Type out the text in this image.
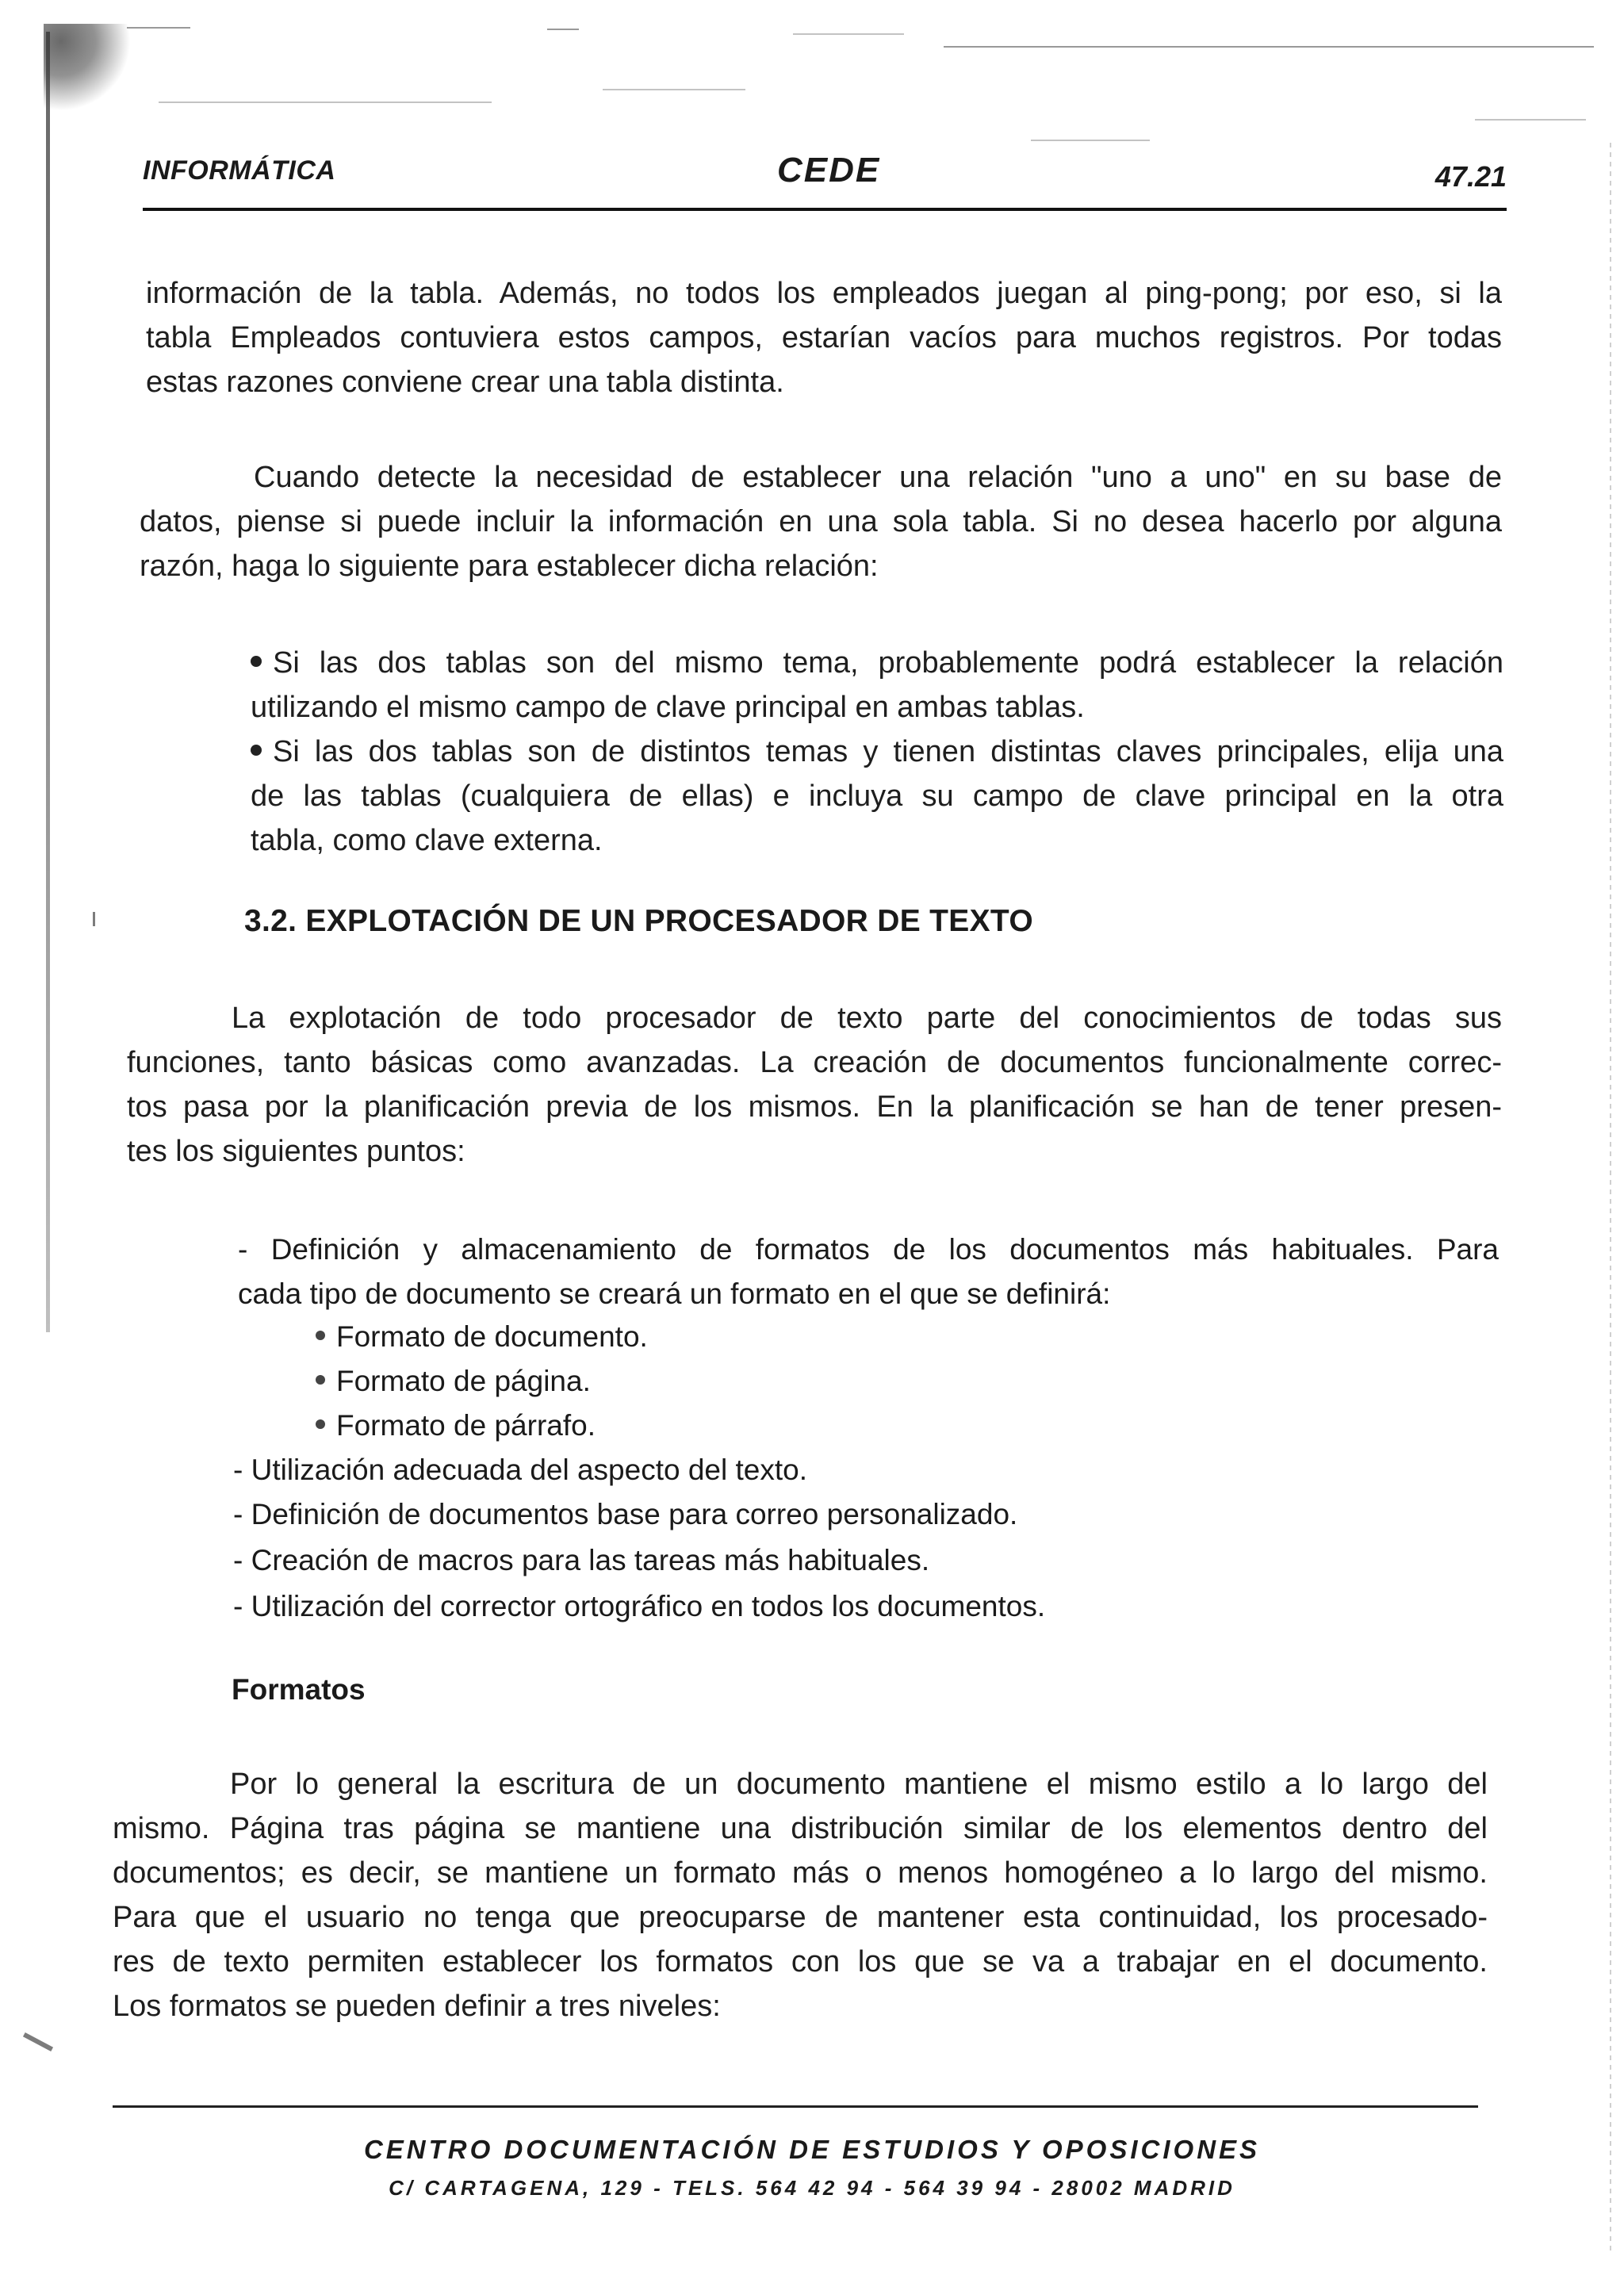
INFORMÁTICA	CEDE	47.21
información de la tabla. Además, no todos los empleados juegan al ping-pong; por eso, si la
tabla Empleados contuviera estos campos, estarían vacíos para muchos registros. Por todas
estas razones conviene crear una tabla distinta.
Cuando detecte la necesidad de establecer una relación "uno a uno" en su base de
datos, piense si puede incluir la información en una sola tabla. Si no desea hacerlo por alguna
razón, haga lo siguiente para establecer dicha relación:
Si las dos tablas son del mismo tema, probablemente podrá establecer la relación
utilizando el mismo campo de clave principal en ambas tablas.
Si las dos tablas son de distintos temas y tienen distintas claves principales, elija una
de las tablas (cualquiera de ellas) e incluya su campo de clave principal en la otra
tabla, como clave externa.
3.2. EXPLOTACIÓN DE UN PROCESADOR DE TEXTO
La explotación de todo procesador de texto parte del conocimientos de todas sus
funciones, tanto básicas como avanzadas. La creación de documentos funcionalmente correc-
tos pasa por la planificación previa de los mismos. En la planificación se han de tener presen-
tes los siguientes puntos:
- Definición y almacenamiento de formatos de los documentos más habituales. Para
cada tipo de documento se creará un formato en el que se definirá:
Formato de documento.
Formato de página.
Formato de párrafo.
- Utilización adecuada del aspecto del texto.
- Definición de documentos base para correo personalizado.
- Creación de macros para las tareas más habituales.
- Utilización del corrector ortográfico en todos los documentos.
Formatos
Por lo general la escritura de un documento mantiene el mismo estilo a lo largo del
mismo. Página tras página se mantiene una distribución similar de los elementos dentro del
documentos; es decir, se mantiene un formato más o menos homogéneo a lo largo del mismo.
Para que el usuario no tenga que preocuparse de mantener esta continuidad, los procesado-
res de texto permiten establecer los formatos con los que se va a trabajar en el documento.
Los formatos se pueden definir a tres niveles:
CENTRO DOCUMENTACIÓN DE ESTUDIOS Y OPOSICIONES
C/ CARTAGENA, 129 - TELS. 564 42 94 - 564 39 94 - 28002 MADRID
